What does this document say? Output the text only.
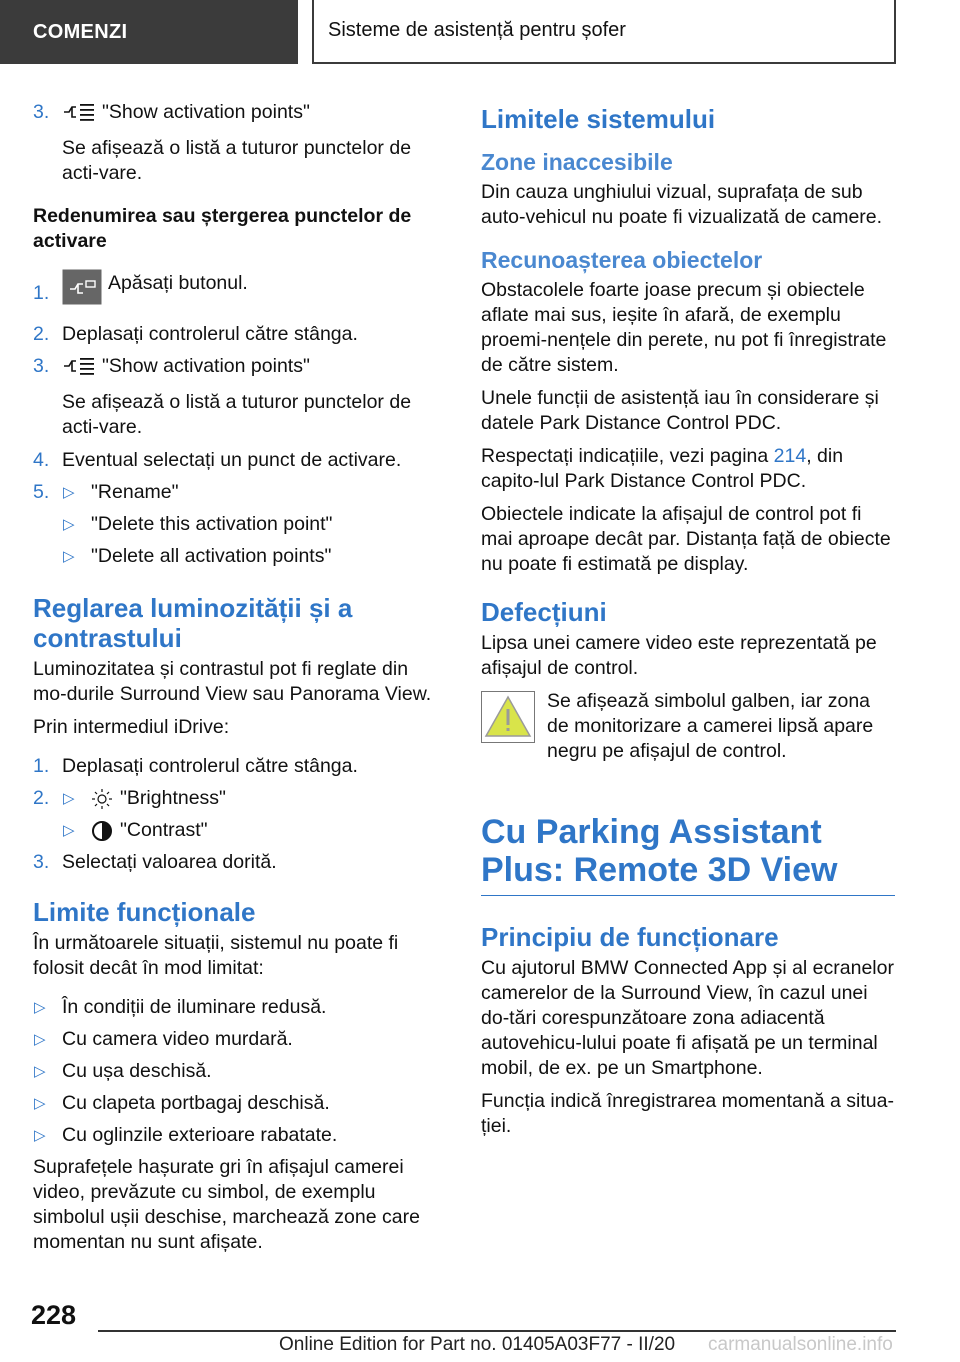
COMENZI	Sisteme de asistență pentru șofer
3.	"Show activation points"

Se afișează o listă a tuturor punctelor de acti‐vare.

Redenumirea sau ștergerea punctelor de activare
1.	Apăsați butonul.
2. Deplasați controlerul către stânga.
3.	"Show activation points"

Se afișează o listă a tuturor punctelor de acti‐vare.

4. Eventual selectați un punct de activare.
5. ▷ "Rename"
▷ "Delete this activation point"
▷ "Delete all activation points"
Reglarea luminozității și a contrastului

Luminozitatea și contrastul pot fi reglate din mo‐durile Surround View sau Panorama View.

Prin intermediul iDrive:

1. Deplasați controlerul către stânga.
2. ▷ "Brightness"
▷ "Contrast"
3. Selectați valoarea dorită.
Limite funcționale

În următoarele situații, sistemul nu poate fi folosit decât în mod limitat:

▷ În condiții de iluminare redusă.
▷ Cu camera video murdară.
▷ Cu ușa deschisă.
▷ Cu clapeta portbagaj deschisă.
▷ Cu oglinzile exterioare rabatate.

Suprafețele hașurate gri în afișajul camerei video, prevăzute cu simbol, de exemplu simbolul ușii deschise, marchează zone care momentan nu sunt afișate.

Limitele sistemului
Zone inaccesibile

Din cauza unghiului vizual, suprafața de sub auto‐vehicul nu poate fi vizualizată de camere.

Recunoașterea obiectelor

Obstacolele foarte joase precum și obiectele aflate mai sus, ieșite în afară, de exemplu proemi‐nențele din perete, nu pot fi înregistrate de către sistem.

Unele funcții de asistență iau în considerare și datele Park Distance Control PDC.

Respectați indicațiile, vezi pagina 214, din capito‐lul Park Distance Control PDC.

Obiectele indicate la afișajul de control pot fi mai aproape decât par. Distanța față de obiecte nu poate fi estimată pe display.

Defecțiuni

Lipsa unei camere video este reprezentată pe afișajul de control.

Se afișează simbolul galben, iar zona de monitorizare a camerei lipsă apare negru pe afișajul de control.

Cu Parking Assistant Plus: Remote 3D View
Principiu de funcționare

Cu ajutorul BMW Connected App și al ecranelor camerelor de la Surround View, în cazul unei do‐tări corespunzătoare zona adiacentă autovehicu‐lului poate fi afișată pe un terminal mobil, de ex. pe un Smartphone.

Funcția indică înregistrarea momentană a situa‐ției.

228
Online Edition for Part no. 01405A03F77 - II/20 carmanualsonline.info
